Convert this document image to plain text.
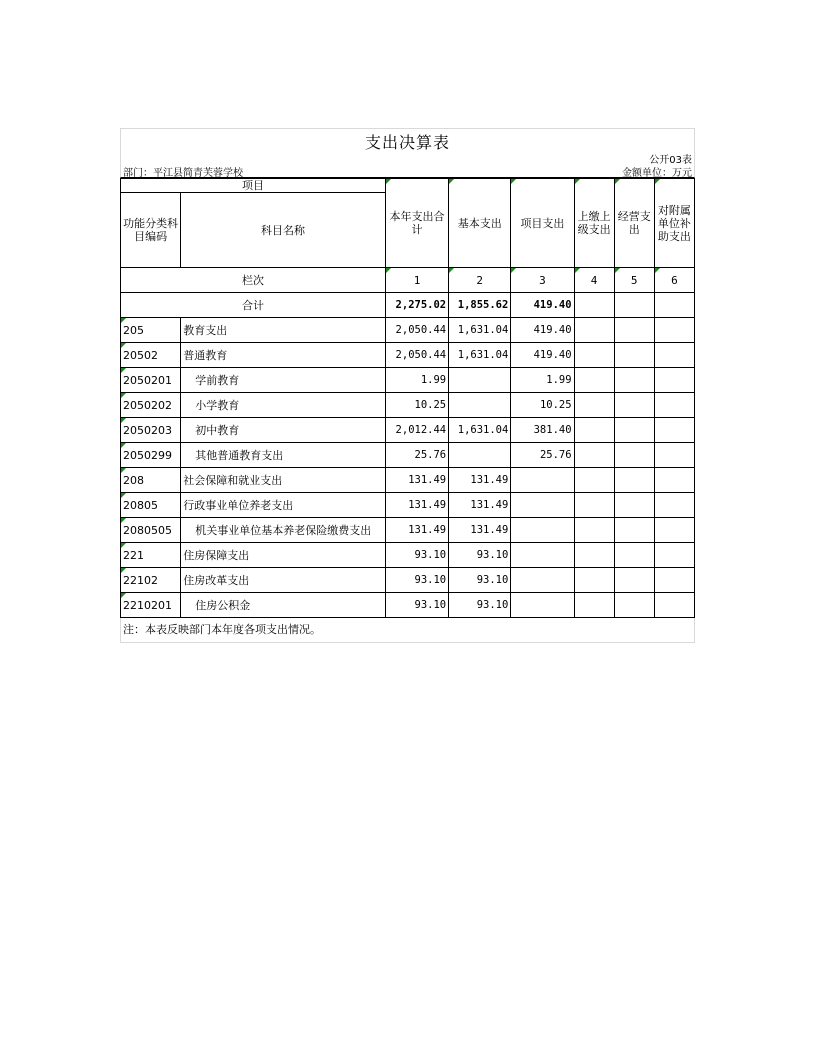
支出决算表
公开03表
部门：平江县简青芙蓉学校	金额单位：万元
项目		本年支出合计	基本支出	项目支出	上缴上级支出	经营支出	对附属单位补助支出
功能分类科目编码	科目名称						
栏次		1	2	3	4	5	6
合计		2,275.02	1,855.62	419.40			
205	教育支出	2,050.44	1,631.04	419.40			
20502	普通教育	2,050.44	1,631.04	419.40			
2050201	学前教育	1.99		1.99			
2050202	小学教育	10.25		10.25			
2050203	初中教育	2,012.44	1,631.04	381.40			
2050299	其他普通教育支出	25.76		25.76			
208	社会保障和就业支出	131.49	131.49				
20805	行政事业单位养老支出	131.49	131.49				
2080505	机关事业单位基本养老保险缴费支出	131.49	131.49				
221	住房保障支出	93.10	93.10				
22102	住房改革支出	93.10	93.10				
2210201	住房公积金	93.10	93.10				
注：本表反映部门本年度各项支出情况。
